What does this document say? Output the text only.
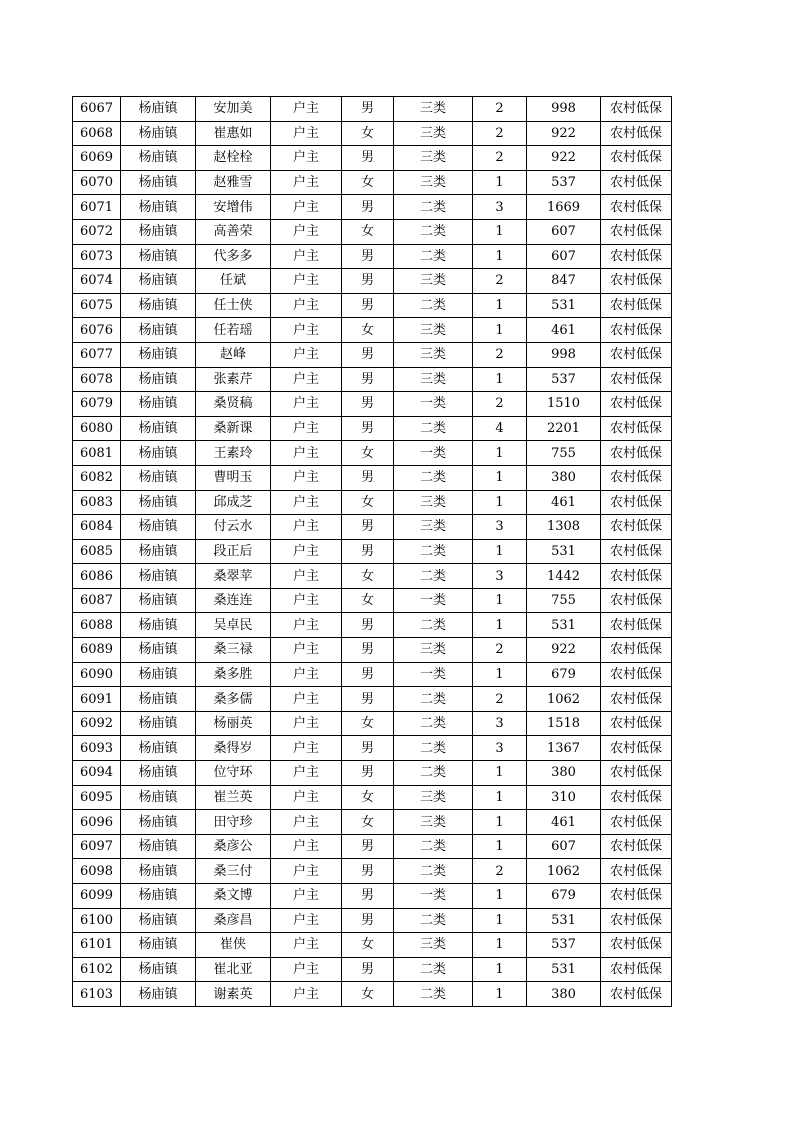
6067	杨庙镇	安加美	户主	男	三类	2	998	农村低保
6068	杨庙镇	崔惠如	户主	女	三类	2	922	农村低保
6069	杨庙镇	赵栓栓	户主	男	三类	2	922	农村低保
6070	杨庙镇	赵雅雪	户主	女	三类	1	537	农村低保
6071	杨庙镇	安增伟	户主	男	二类	3	1669	农村低保
6072	杨庙镇	高善荣	户主	女	二类	1	607	农村低保
6073	杨庙镇	代多多	户主	男	二类	1	607	农村低保
6074	杨庙镇	任斌	户主	男	三类	2	847	农村低保
6075	杨庙镇	任士侠	户主	男	二类	1	531	农村低保
6076	杨庙镇	任若瑶	户主	女	三类	1	461	农村低保
6077	杨庙镇	赵峰	户主	男	三类	2	998	农村低保
6078	杨庙镇	张素芹	户主	男	三类	1	537	农村低保
6079	杨庙镇	桑贤稿	户主	男	一类	2	1510	农村低保
6080	杨庙镇	桑新课	户主	男	二类	4	2201	农村低保
6081	杨庙镇	王素玲	户主	女	一类	1	755	农村低保
6082	杨庙镇	曹明玉	户主	男	二类	1	380	农村低保
6083	杨庙镇	邱成芝	户主	女	三类	1	461	农村低保
6084	杨庙镇	付云水	户主	男	三类	3	1308	农村低保
6085	杨庙镇	段正后	户主	男	二类	1	531	农村低保
6086	杨庙镇	桑翠苹	户主	女	二类	3	1442	农村低保
6087	杨庙镇	桑连连	户主	女	一类	1	755	农村低保
6088	杨庙镇	吴卓民	户主	男	二类	1	531	农村低保
6089	杨庙镇	桑三禄	户主	男	三类	2	922	农村低保
6090	杨庙镇	桑多胜	户主	男	一类	1	679	农村低保
6091	杨庙镇	桑多儒	户主	男	二类	2	1062	农村低保
6092	杨庙镇	杨丽英	户主	女	二类	3	1518	农村低保
6093	杨庙镇	桑得岁	户主	男	二类	3	1367	农村低保
6094	杨庙镇	位守环	户主	男	二类	1	380	农村低保
6095	杨庙镇	崔兰英	户主	女	三类	1	310	农村低保
6096	杨庙镇	田守珍	户主	女	三类	1	461	农村低保
6097	杨庙镇	桑彦公	户主	男	二类	1	607	农村低保
6098	杨庙镇	桑三付	户主	男	二类	2	1062	农村低保
6099	杨庙镇	桑文博	户主	男	一类	1	679	农村低保
6100	杨庙镇	桑彦昌	户主	男	二类	1	531	农村低保
6101	杨庙镇	崔侠	户主	女	三类	1	537	农村低保
6102	杨庙镇	崔北亚	户主	男	二类	1	531	农村低保
6103	杨庙镇	谢素英	户主	女	二类	1	380	农村低保
